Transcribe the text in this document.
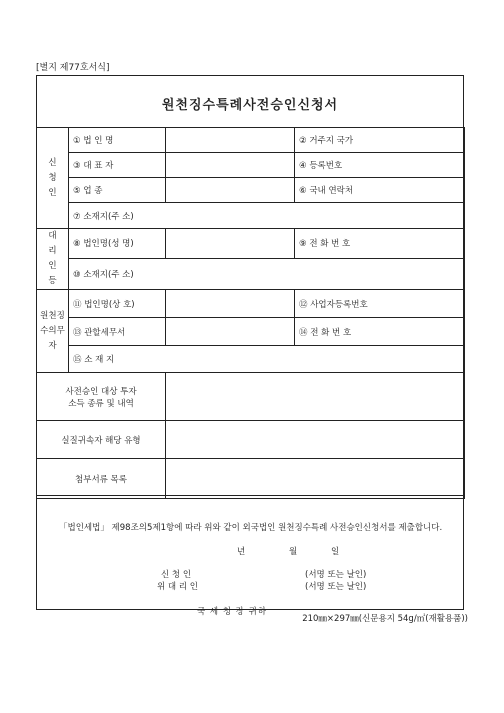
[별지 제77호서식]
원천징수특례사전승인신청서
신
청
인	① 법 인 명		② 거주지 국가
	③ 대 표 자		④ 등록번호
	⑤ 업 종		⑥ 국내 연락처
	⑦ 소재지(주 소)		

대
리
인
등	⑧ 법인명(성 명)		⑨ 전 화 번 호
	⑩ 소재지(주 소)		

원천징
수의무
자	⑪ 법인명(상 호)		⑫ 사업자등록번호
	⑬ 관할세무서		⑭ 전 화 번 호
	⑮ 소 재 지		

사전승인 대상 투자
소득 종류 및 내역			

실질귀속자 해당 유형			
첨부서류 목록			
「법인세법」 제98조의5제1항에 따라 위와 같이 외국법인 원천징수특례 사전승인신청서를 제출합니다.
년	월	일
신 청 인	(서명 또는 날인)
위 대 리 인	(서명 또는 날인)
국 세 청 장 귀하
210㎜×297㎜(신문용지 54g/㎡(재활용품))
